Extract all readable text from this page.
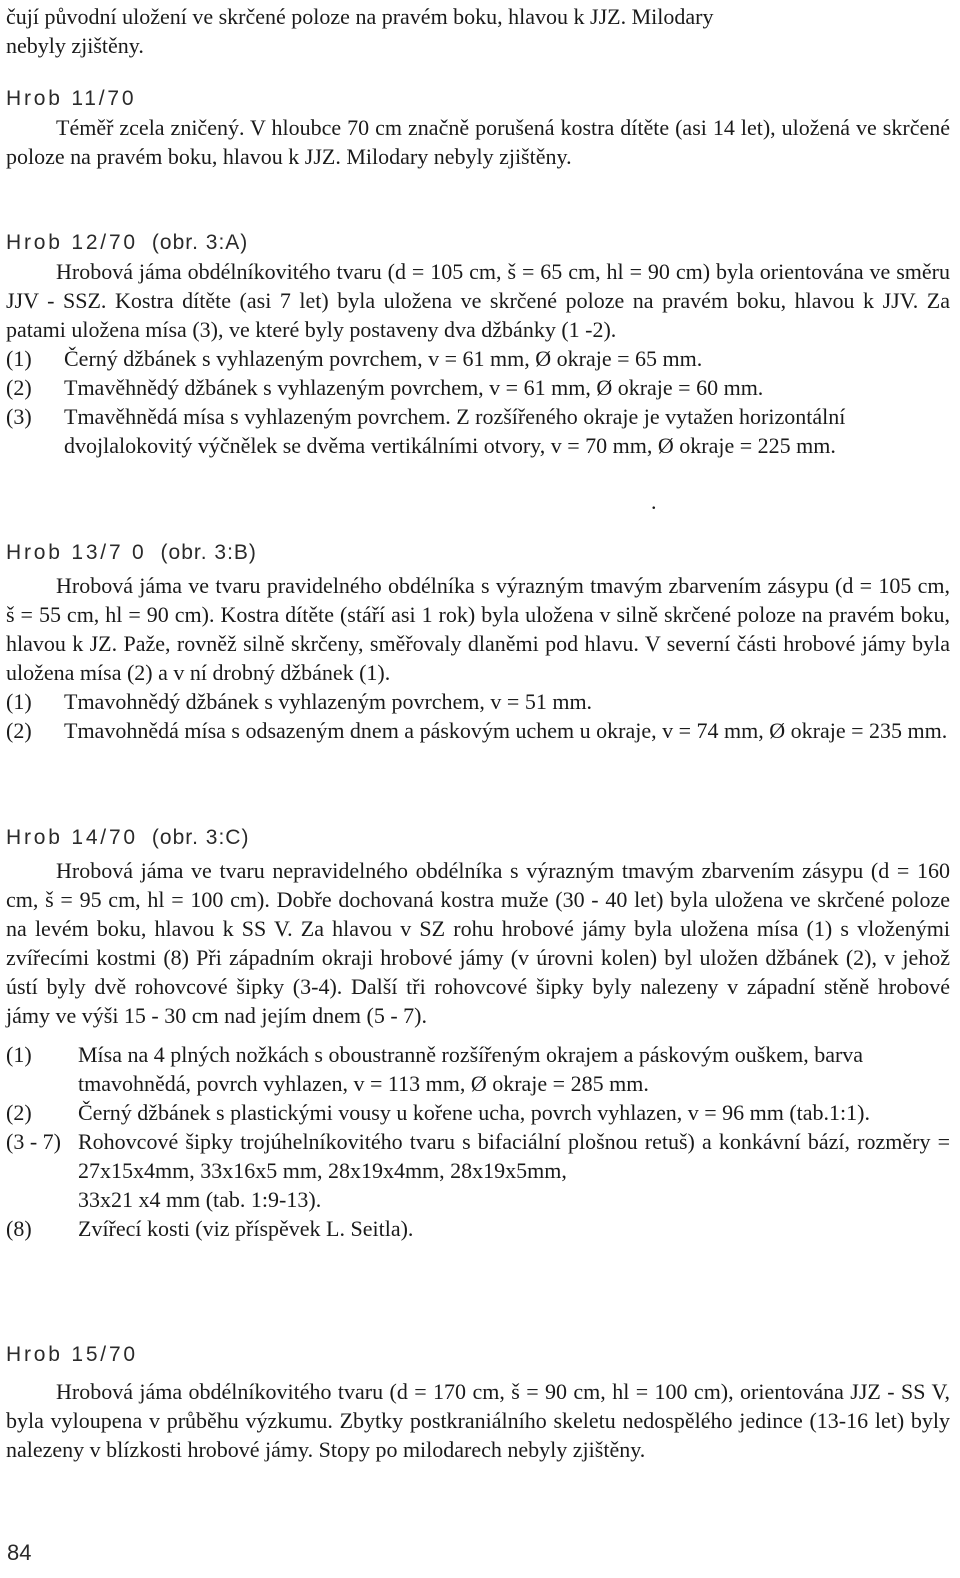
čují původní uložení ve skrčené poloze na pravém boku, hlavou k JJZ. Milodary

nebyly zjištěny.

Hrob 11/70

Téměř zcela zničený. V hloubce 70 cm značně porušená kostra dítěte (asi 14 let), uložená ve skrčené poloze na pravém boku, hlavou k JJZ. Milodary nebyly zjištěny.

Hrob 12/70 (obr. 3:A)

Hrobová jáma obdélníkovitého tvaru (d = 105 cm, š = 65 cm, hl = 90 cm) byla orientována ve směru JJV - SSZ. Kostra dítěte (asi 7 let) byla uložena ve skrčené poloze na pravém boku, hlavou k JJV. Za patami uložena mísa (3), ve které byly postaveny dva džbánky (1 -2).

(1)	Černý džbánek s vyhlazeným povrchem, v = 61 mm, Ø okraje = 65 mm.
(2)	Tmavěhnědý džbánek s vyhlazeným povrchem, v = 61 mm, Ø okraje = 60 mm.
(3)	Tmavěhnědá mísa s vyhlazeným povrchem. Z rozšířeného okraje je vytažen horizontální dvojlalokovitý výčnělek se dvěma vertikálními otvory, v = 70 mm, Ø okraje = 225 mm.
.

Hrob 13/7 0 (obr. 3:B)

Hrobová jáma ve tvaru pravidelného obdélníka s výrazným tmavým zbarvením zásypu (d = 105 cm, š = 55 cm, hl = 90 cm). Kostra dítěte (stáří asi 1 rok) byla uložena v silně skrčené poloze na pravém boku, hlavou k JZ. Paže, rovněž silně skrčeny, směřovaly dlaněmi pod hlavu. V severní části hrobové jámy byla uložena mísa (2) a v ní drobný džbánek (1).

(1)	Tmavohnědý džbánek s vyhlazeným povrchem, v = 51 mm.
(2)	Tmavohnědá mísa s odsazeným dnem a páskovým uchem u okraje, v = 74 mm, Ø okraje = 235 mm.

Hrob 14/70 (obr. 3:C)

Hrobová jáma ve tvaru nepravidelného obdélníka s výrazným tmavým zbarvením zásypu (d = 160 cm, š = 95 cm, hl = 100 cm). Dobře dochovaná kostra muže (30 - 40 let) byla uložena ve skrčené poloze na levém boku, hlavou k SS V. Za hlavou v SZ rohu hrobové jámy byla uložena mísa (1) s vloženými zvířecími kostmi (8) Při západním okraji hrobové jámy (v úrovni kolen) byl uložen džbánek (2), v jehož ústí byly dvě rohovcové šipky (3-4). Další tři rohovcové šipky byly nalezeny v západní stěně hrobové jámy ve výši 15 - 30 cm nad jejím dnem (5 - 7).

(1)	Mísa na 4 plných nožkách s oboustranně rozšířeným okrajem a páskovým ouškem, barva tmavohnědá, povrch vyhlazen, v = 113 mm, Ø okraje = 285 mm.
(2)	Černý džbánek s plastickými vousy u kořene ucha, povrch vyhlazen, v = 96 mm (tab.1:1).
(3 - 7) Rohovcové šipky trojúhelníkovitého tvaru s bifaciální plošnou retuš) a konkávní bází, rozměry = 27x15x4mm, 33x16x5 mm, 28x19x4mm, 28x19x5mm,
33x21 x4 mm (tab. 1:9-13).
(8)	Zvířecí kosti (viz příspěvek L. Seitla).

Hrob 15/70

Hrobová jáma obdélníkovitého tvaru (d = 170 cm, š = 90 cm, hl = 100 cm), orientována JJZ - SS V, byla vyloupena v průběhu výzkumu. Zbytky postkraniálního skeletu nedospělého jedince (13-16 let) byly nalezeny v blízkosti hrobové jámy. Stopy po milodarech nebyly zjištěny.

84
